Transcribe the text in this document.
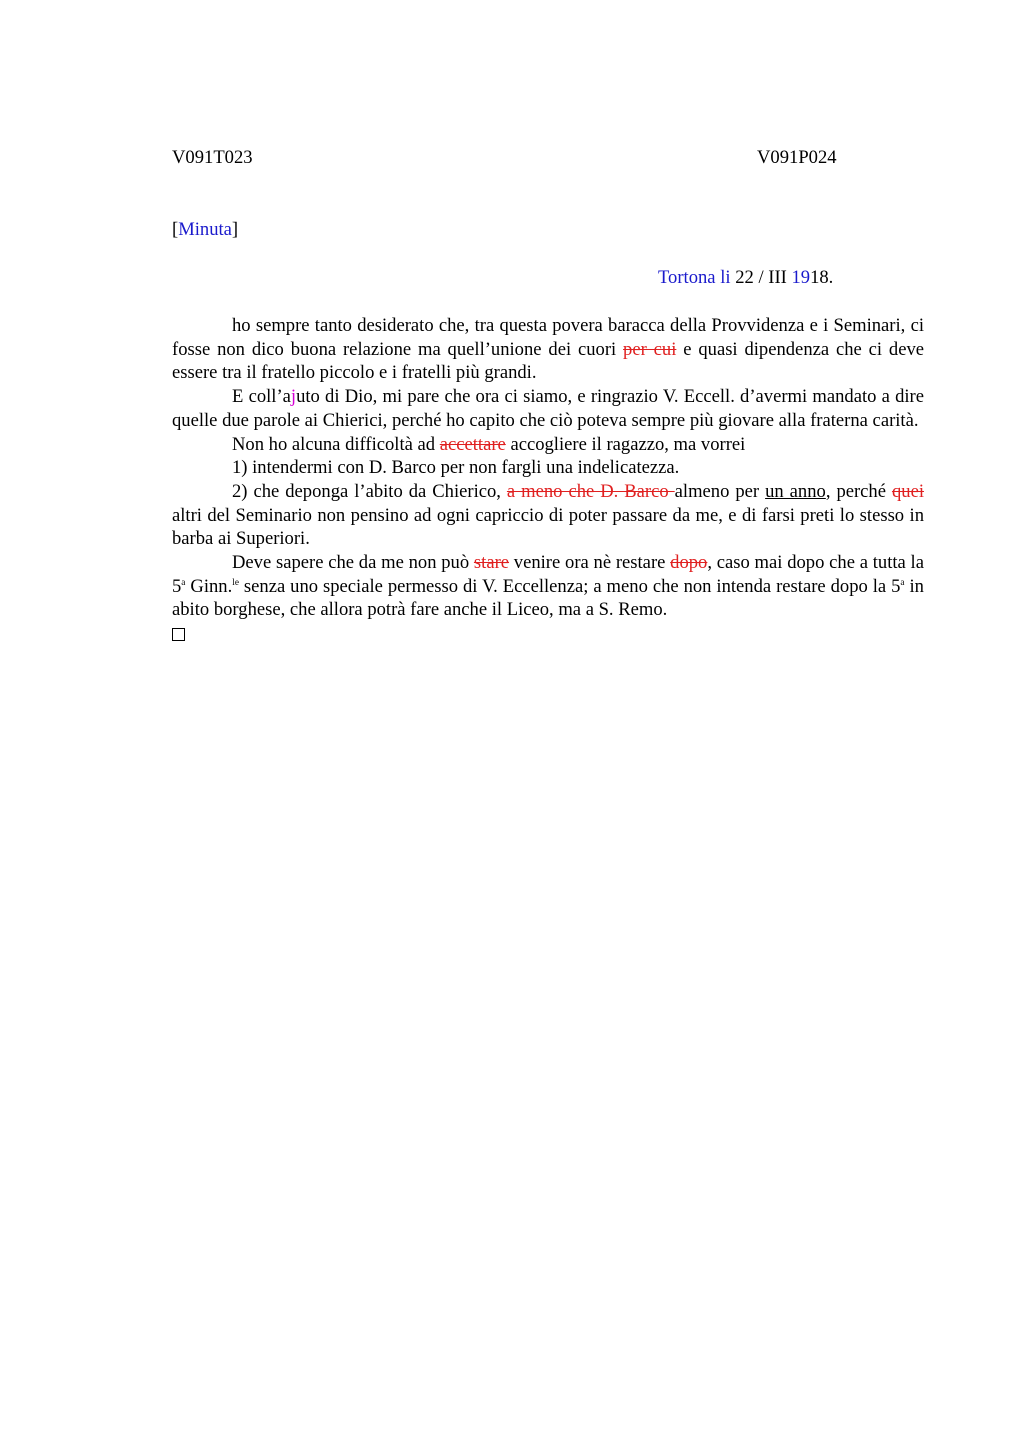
V091T023	V091P024
[Minuta]
Tortona li 22 / III 1918.

ho sempre tanto desiderato che, tra questa povera baracca della Provvidenza e i Seminari, ci fosse non dico buona relazione ma quell’unione dei cuori per cui e quasi dipendenza che ci deve essere tra il fratello piccolo e i fratelli più grandi.

E coll’ajuto di Dio, mi pare che ora ci siamo, e ringrazio V. Eccell. d’avermi mandato a dire quelle due parole ai Chierici, perché ho capito che ciò poteva sempre più giovare alla fraterna carità.

Non ho alcuna difficoltà ad accettare accogliere il ragazzo, ma vorrei

1) intendermi con D. Barco per non fargli una indelicatezza.

2) che deponga l’abito da Chierico, a meno che D. Barco almeno per un anno, perché quei altri del Seminario non pensino ad ogni capriccio di poter passare da me, e di farsi preti lo stesso in barba ai Superiori.

Deve sapere che da me non può stare venire ora nè restare dopo, caso mai dopo che a tutta la 5$^a$ Ginn.$^{le}$ senza uno speciale permesso di V. Eccellenza; a meno che non intenda restare dopo la 5$^a$ in abito borghese, che allora potrà fare anche il Liceo, ma a S. Remo.
